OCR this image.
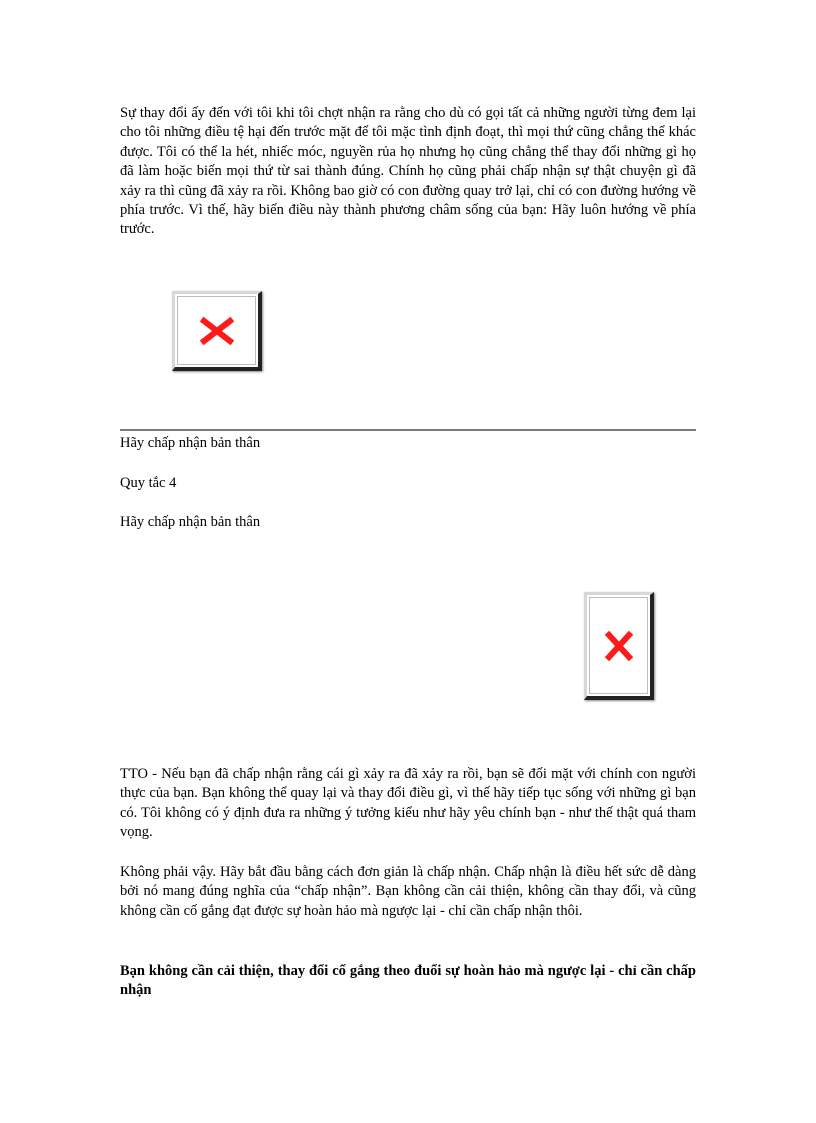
Sự thay đổi ấy đến với tôi khi tôi chợt nhận ra rằng cho dù có gọi tất cả những người từng đem lại cho tôi những điều tệ hại đến trước mặt để tôi mặc tình định đoạt, thì mọi thứ cũng chẳng thể khác được. Tôi có thể la hét, nhiếc móc, nguyền rủa họ nhưng họ cũng chẳng thể thay đổi những gì họ đã làm hoặc biến mọi thứ từ sai thành đúng. Chính họ cũng phải chấp nhận sự thật chuyện gì đã xảy ra thì cũng đã xảy ra rồi. Không bao giờ có con đường quay trở lại, chỉ có con đường hướng về phía trước. Vì thế, hãy biến điều này thành phương châm sống của bạn: Hãy luôn hướng về phía trước.

Hãy chấp nhận bản thân

Quy tắc 4

Hãy chấp nhận bản thân

TTO - Nếu bạn đã chấp nhận rằng cái gì xảy ra đã xảy ra rồi, bạn sẽ đối mặt với chính con người thực của bạn. Bạn không thể quay lại và thay đổi điều gì, vì thế hãy tiếp tục sống với những gì bạn có. Tôi không có ý định đưa ra những ý tưởng kiểu như hãy yêu chính bạn - như thế thật quá tham vọng.

Không phải vậy. Hãy bắt đầu bằng cách đơn giản là chấp nhận. Chấp nhận là điều hết sức dễ dàng bởi nó mang đúng nghĩa của “chấp nhận”. Bạn không cần cải thiện, không cần thay đổi, và cũng không cần cố gắng đạt được sự hoàn hảo mà ngược lại - chỉ cần chấp nhận thôi.

Bạn không cần cải thiện, thay đổi cố gắng theo đuổi sự hoàn hảo mà ngược lại - chỉ cần chấp nhận
